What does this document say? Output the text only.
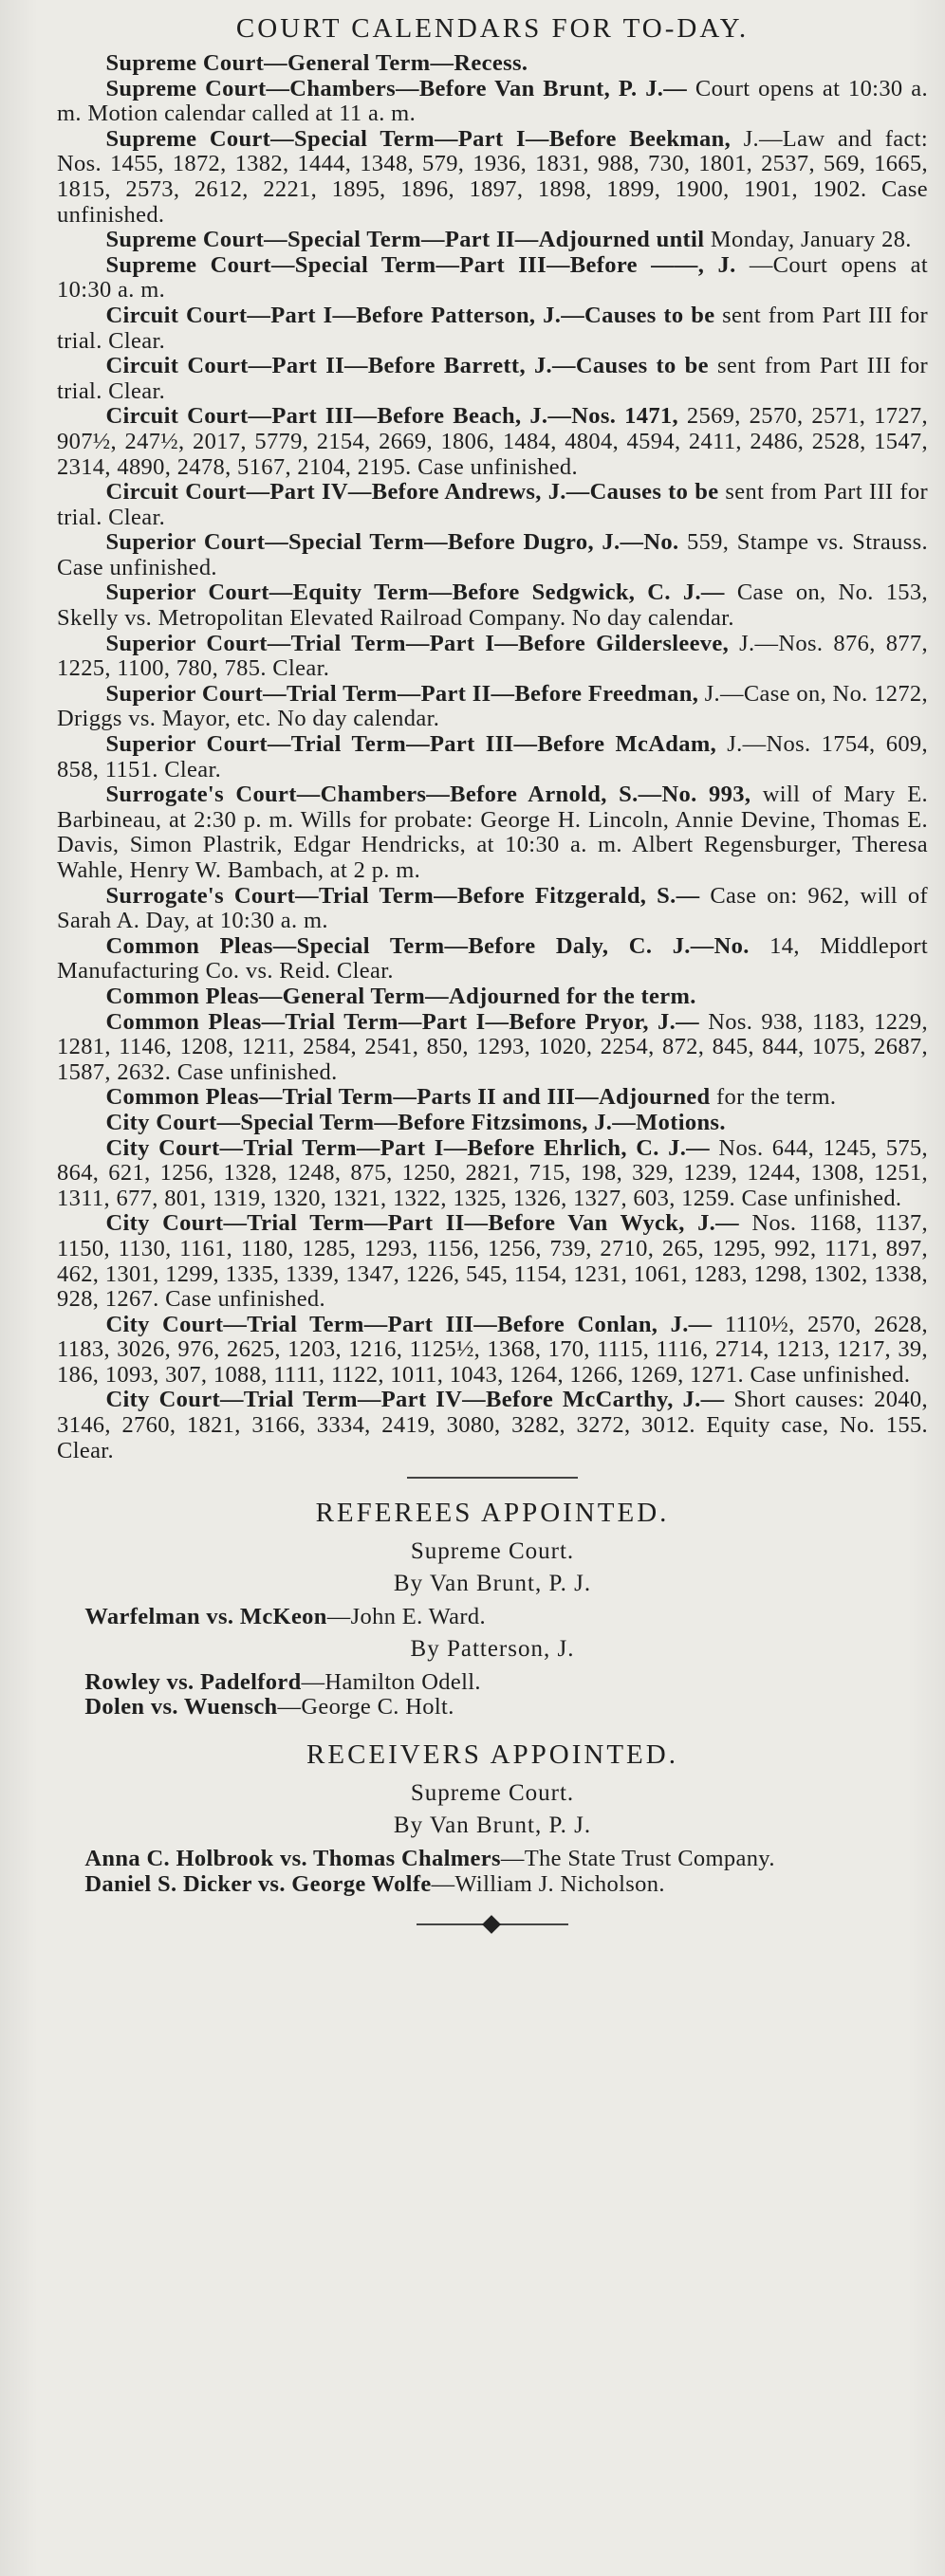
COURT CALENDARS FOR TO-DAY.

Supreme Court—General Term—Recess.

Supreme Court—Chambers—Before Van Brunt, P. J.— Court opens at 10:30 a. m. Motion calendar called at 11 a. m.

Supreme Court—Special Term—Part I—Before Beekman, J.—Law and fact: Nos. 1455, 1872, 1382, 1444, 1348, 579, 1936, 1831, 988, 730, 1801, 2537, 569, 1665, 1815, 2573, 2612, 2221, 1895, 1896, 1897, 1898, 1899, 1900, 1901, 1902. Case unfinished.

Supreme Court—Special Term—Part II—Adjourned until Monday, January 28.

Supreme Court—Special Term—Part III—Before ——, J. —Court opens at 10:30 a. m.

Circuit Court—Part I—Before Patterson, J.—Causes to be sent from Part III for trial. Clear.

Circuit Court—Part II—Before Barrett, J.—Causes to be sent from Part III for trial. Clear.

Circuit Court—Part III—Before Beach, J.—Nos. 1471, 2569, 2570, 2571, 1727, 907½, 247½, 2017, 5779, 2154, 2669, 1806, 1484, 4804, 4594, 2411, 2486, 2528, 1547, 2314, 4890, 2478, 5167, 2104, 2195. Case unfinished.

Circuit Court—Part IV—Before Andrews, J.—Causes to be sent from Part III for trial. Clear.

Superior Court—Special Term—Before Dugro, J.—No. 559, Stampe vs. Strauss. Case unfinished.

Superior Court—Equity Term—Before Sedgwick, C. J.— Case on, No. 153, Skelly vs. Metropolitan Elevated Railroad Company. No day calendar.

Superior Court—Trial Term—Part I—Before Gildersleeve, J.—Nos. 876, 877, 1225, 1100, 780, 785. Clear.

Superior Court—Trial Term—Part II—Before Freedman, J.—Case on, No. 1272, Driggs vs. Mayor, etc. No day calendar.

Superior Court—Trial Term—Part III—Before McAdam, J.—Nos. 1754, 609, 858, 1151. Clear.

Surrogate's Court—Chambers—Before Arnold, S.—No. 993, will of Mary E. Barbineau, at 2:30 p. m. Wills for probate: George H. Lincoln, Annie Devine, Thomas E. Davis, Simon Plastrik, Edgar Hendricks, at 10:30 a. m. Albert Regensburger, Theresa Wahle, Henry W. Bambach, at 2 p. m.

Surrogate's Court—Trial Term—Before Fitzgerald, S.— Case on: 962, will of Sarah A. Day, at 10:30 a. m.

Common Pleas—Special Term—Before Daly, C. J.—No. 14, Middleport Manufacturing Co. vs. Reid. Clear.

Common Pleas—General Term—Adjourned for the term.

Common Pleas—Trial Term—Part I—Before Pryor, J.— Nos. 938, 1183, 1229, 1281, 1146, 1208, 1211, 2584, 2541, 850, 1293, 1020, 2254, 872, 845, 844, 1075, 2687, 1587, 2632. Case unfinished.

Common Pleas—Trial Term—Parts II and III—Adjourned for the term.

City Court—Special Term—Before Fitzsimons, J.—Motions.

City Court—Trial Term—Part I—Before Ehrlich, C. J.— Nos. 644, 1245, 575, 864, 621, 1256, 1328, 1248, 875, 1250, 2821, 715, 198, 329, 1239, 1244, 1308, 1251, 1311, 677, 801, 1319, 1320, 1321, 1322, 1325, 1326, 1327, 603, 1259. Case unfinished.

City Court—Trial Term—Part II—Before Van Wyck, J.— Nos. 1168, 1137, 1150, 1130, 1161, 1180, 1285, 1293, 1156, 1256, 739, 2710, 265, 1295, 992, 1171, 897, 462, 1301, 1299, 1335, 1339, 1347, 1226, 545, 1154, 1231, 1061, 1283, 1298, 1302, 1338, 928, 1267. Case unfinished.

City Court—Trial Term—Part III—Before Conlan, J.— 1110½, 2570, 2628, 1183, 3026, 976, 2625, 1203, 1216, 1125½, 1368, 170, 1115, 1116, 2714, 1213, 1217, 39, 186, 1093, 307, 1088, 1111, 1122, 1011, 1043, 1264, 1266, 1269, 1271. Case unfinished.

City Court—Trial Term—Part IV—Before McCarthy, J.— Short causes: 2040, 3146, 2760, 1821, 3166, 3334, 2419, 3080, 3282, 3272, 3012. Equity case, No. 155. Clear.

REFEREES APPOINTED.
Supreme Court.
By Van Brunt, P. J.

Warfelman vs. McKeon—John E. Ward.

By Patterson, J.

Rowley vs. Padelford—Hamilton Odell.

Dolen vs. Wuensch—George C. Holt.

RECEIVERS APPOINTED.
Supreme Court.
By Van Brunt, P. J.

Anna C. Holbrook vs. Thomas Chalmers—The State Trust Company.

Daniel S. Dicker vs. George Wolfe—William J. Nicholson.
